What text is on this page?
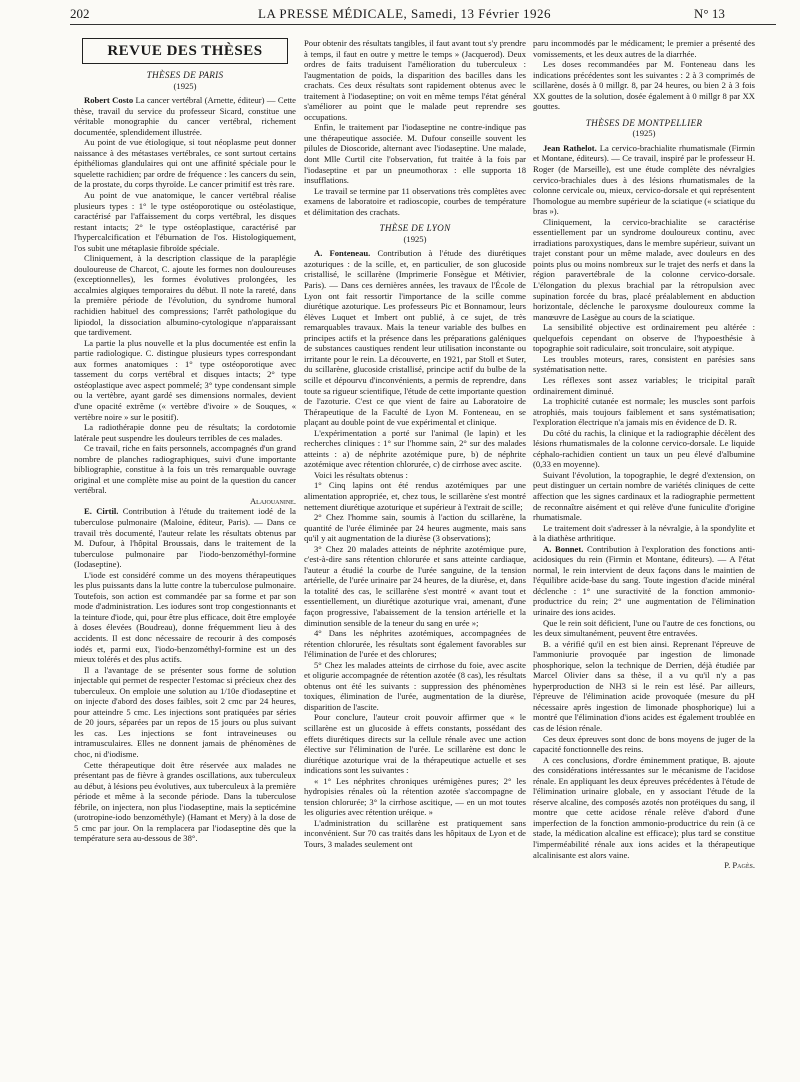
202	LA PRESSE MÉDICALE, Samedi, 13 Février 1926	N° 13
REVUE DES THÈSES
THÈSES DE PARIS
(1925)

Robert Costo La cancer vertébral (Arnette, éditeur) — Cette thèse, travail du service du professeur Sicard, constitue une véritable monographie du cancer vertébral, richement documentée, splendidement illustrée.

Au point de vue étiologique, si tout néoplasme peut donner naissance à des métastases vertébrales, ce sont surtout certains épithéliomas glandulaires qui ont une affinité spéciale pour le squelette rachidien; par ordre de fréquence : les cancers du sein, de la prostate, du corps thyroïde. Le cancer primitif est très rare.

Au point de vue anatomique, le cancer vertébral réalise plusieurs types : 1° le type ostéoporotique ou ostéolastique, caractérisé par l'affaissement du corps vertébral, les disques restant intacts; 2° le type ostéoplastique, caractérisé par l'hypercalcification et l'éburnation de l'os. Histologiquement, l'os subit une métaplasie fibroïde spéciale.

Cliniquement, à la description classique de la paraplégie douloureuse de Charcot, C. ajoute les formes non douloureuses (exceptionnelles), les formes évolutives prolongées, les accalmies algiques temporaires du début. Il note la rareté, dans la première période de l'évolution, du syndrome humoral rachidien habituel des compressions; l'arrêt pathologique du lipiodol, la dissociation albumino-cytologique n'apparaissant que tardivement.

La partie la plus nouvelle et la plus documentée est enfin la partie radiologique. C. distingue plusieurs types correspondant aux formes anatomiques : 1° type ostéoporotique avec tassement du corps vertébral et disques intacts; 2° type ostéoplastique avec aspect pommelé; 3° type condensant simple ou la vertèbre, ayant gardé ses dimensions normales, devient d'une opacité extrême (« vertèbre d'ivoire » de Souques, « vertèbre noire » sur le positif).

La radiothérapie donne peu de résultats; la cordotomie latérale peut suspendre les douleurs terribles de ces malades.

Ce travail, riche en faits personnels, accompagnés d'un grand nombre de planches radiographiques, suivi d'une importante bibliographie, constitue à la fois un très remarquable ouvrage original et une complète mise au point de la question du cancer vertébral.

Alajouanine.

E. Cirtil. Contribution à l'étude du traitement iodé de la tuberculose pulmonaire (Maloine, éditeur, Paris). — Dans ce travail très documenté, l'auteur relate les résultats obtenus par M. Dufour, à l'hôpital Broussais, dans le traitement de la tuberculose pulmonaire par l'iodo-benzométhyl-formine (Iodaseptine).

L'iode est considéré comme un des moyens thérapeutiques les plus puissants dans la lutte contre la tuberculose pulmonaire. Toutefois, son action est commandée par sa forme et par son mode d'administration. Les iodures sont trop congestionnants et la teinture d'iode, qui, pour être plus efficace, doit être employée à doses élevées (Boudreau), donne fréquemment lieu à des accidents. Il est donc nécessaire de recourir à des composés iodés et, parmi eux, l'iodo-benzométhyl-formine est un des mieux tolérés et des plus actifs.

Il a l'avantage de se présenter sous forme de solution injectable qui permet de respecter l'estomac si précieux chez des tuberculeux. On emploie une solution au 1/10e d'iodaseptine et on injecte d'abord des doses faibles, soit 2 cmc par 24 heures, pour atteindre 5 cmc. Les injections sont pratiquées par séries de 20 jours, séparées par un repos de 15 jours ou plus suivant les cas. Les injections se font intraveineuses ou intramusculaires. Elles ne donnent jamais de phénomènes de choc, ni d'iodisme.

Cette thérapeutique doit être réservée aux malades ne présentant pas de fièvre à grandes oscillations, aux tuberculeux au début, à lésions peu évolutives, aux tuberculeux à la première période et même à la seconde période. Dans la tuberculose fébrile, on injectera, non plus l'iodaseptine, mais la septicémine (urotropine-iodo benzométhyle) (Hamant et Mery) à la dose de 5 cmc par jour. On la remplacera par l'iodaseptine dès que la température sera au-dessous de 38°.

Pour obtenir des résultats tangibles, il faut avant tout s'y prendre à temps, il faut en outre y mettre le temps » (Jacquerod). Deux ordres de faits traduisent l'amélioration du tuberculeux : l'augmentation de poids, la disparition des bacilles dans les crachats. Ces deux résultats sont rapidement obtenus avec le traitement à l'iodaseptine; on voit en même temps l'état général s'améliorer au point que le malade peut reprendre ses occupations.

Enfin, le traitement par l'iodaseptine ne contre-indique pas une thérapeutique associée. M. Dufour conseille souvent les pilules de Dioscoride, alternant avec l'iodaseptine. Une malade, dont Mlle Curtil cite l'observation, fut traitée à la fois par l'iodaseptine et par un pneumothorax : elle supporta 18 insufflations.

Le travail se termine par 11 observations très complètes avec examens de laboratoire et radioscopie, courbes de température et délimitation des crachats.

THÈSE DE LYON
(1925)

A. Fonteneau. Contribution à l'étude des diurétiques azoturiques : de la scille, et, en particulier, de son glucoside cristallisé, le scillarène (Imprimerie Fonsègue et Métivier, Paris). — Dans ces dernières années, les travaux de l'École de Lyon ont fait ressortir l'importance de la scille comme diurétique azoturique. Les professeurs Pic et Bonnamour, leurs élèves Luquet et Imbert ont publié, à ce sujet, de très remarquables travaux. Mais la teneur variable des bulbes en principes actifs et la présence dans les préparations galéniques de substances caustiques rendent leur utilisation inconstante ou irritante pour le rein. La découverte, en 1921, par Stoll et Suter, du scillarène, glucoside cristallisé, principe actif du bulbe de la scille et dépourvu d'inconvénients, a permis de reprendre, dans toute sa rigueur scientifique, l'étude de cette importante question de l'azoturie. C'est ce que vient de faire au Laboratoire de Thérapeutique de la Faculté de Lyon M. Fonteneau, en se plaçant au double point de vue expérimental et clinique.

L'expérimentation a porté sur l'animal (le lapin) et les recherches cliniques : 1° sur l'homme sain, 2° sur des malades atteints : a) de néphrite azotémique pure, b) de néphrite azotémique avec rétention chlorurée, c) de cirrhose avec ascite.

Voici les résultats obtenus :

1° Cinq lapins ont été rendus azotémiques par une alimentation appropriée, et, chez tous, le scillarène s'est montré nettement diurétique azoturique et supérieur à l'extrait de scille;

2° Chez l'homme sain, soumis à l'action du scillarène, la quantité de l'urée éliminée par 24 heures augmente, mais sans qu'il y ait augmentation de la diurèse (3 observations);

3° Chez 20 malades atteints de néphrite azotémique pure, c'est-à-dire sans rétention chlorurée et sans atteinte cardiaque, l'auteur a étudié la courbe de l'urée sanguine, de la tension artérielle, de l'urée urinaire par 24 heures, de la diurèse, et, dans la totalité des cas, le scillarène s'est montré « avant tout et essentiellement, un diurétique azoturique vrai, amenant, d'une façon progressive, l'abaissement de la tension artérielle et la diminution sensible de la teneur du sang en urée »;

4° Dans les néphrites azotémiques, accompagnées de rétention chlorurée, les résultats sont également favorables sur l'élimination de l'urée et des chlorures;

5° Chez les malades atteints de cirrhose du foie, avec ascite et oligurie accompagnée de rétention azotée (8 cas), les résultats obtenus ont été les suivants : suppression des phénomènes toxiques, élimination de l'urée, augmentation de la diurèse, disparition de l'ascite.

Pour conclure, l'auteur croit pouvoir affirmer que « le scillarène est un glucoside à effets constants, possédant des effets diurétiques directs sur la cellule rénale avec une action élective sur l'élimination de l'urée. Le scillarène est donc le diurétique azoturique vrai de la thérapeutique actuelle et ses indications sont les suivantes :

« 1° Les néphrites chroniques urémigènes pures; 2° les hydropisies rénales où la rétention azotée s'accompagne de tension chlorurée; 3° la cirrhose ascitique, — en un mot toutes les oliguries avec rétention uréique. »

L'administration du scillarène est pratiquement sans inconvénient. Sur 70 cas traités dans les hôpitaux de Lyon et de Tours, 3 malades seulement ont

paru incommodés par le médicament; le premier a présenté des vomissements, et les deux autres de la diarrhée.

Les doses recommandées par M. Fonteneau dans les indications précédentes sont les suivantes : 2 à 3 comprimés de scillarène, dosés à 0 millgr. 8, par 24 heures, ou bien 2 à 3 fois XX gouttes de la solution, dosée également à 0 millgr 8 par XX gouttes.

THÈSES DE MONTPELLIER
(1925)

Jean Rathelot. La cervico-brachialite rhumatismale (Firmin et Montane, éditeurs). — Ce travail, inspiré par le professeur H. Roger (de Marseille), est une étude complète des névralgies cervico-brachiales dues à des lésions rhumatismales de la colonne cervicale ou, mieux, cervico-dorsale et qui représentent l'homologue au membre supérieur de la sciatique (« sciatique du bras »).

Cliniquement, la cervico-brachialite se caractérise essentiellement par un syndrome douloureux continu, avec irradiations paroxystiques, dans le membre supérieur, suivant un trajet constant pour un même malade, avec douleurs en des points plus ou moins nombreux sur le trajet des nerfs et dans la région paravertébrale de la colonne cervico-dorsale. L'élongation du plexus brachial par la rétropulsion avec supination forcée du bras, placé préalablement en abduction horizontale, déclenche le paroxysme douloureux comme la manœuvre de Lasègue au cours de la sciatique.

La sensibilité objective est ordinairement peu altérée : quelquefois cependant on observe de l'hypoesthésie à topographie soit radiculaire, soit tronculaire, soit atypique.

Les troubles moteurs, rares, consistent en parésies sans systématisation nette.

Les réflexes sont assez variables; le tricipital paraît ordinairement diminué.

La trophicité cutanée est normale; les muscles sont parfois atrophiés, mais toujours faiblement et sans systématisation; l'exploration électrique n'a jamais mis en évidence de D. R.

Du côté du rachis, la clinique et la radiographie décèlent des lésions rhumatismales de la colonne cervico-dorsale. Le liquide céphalo-rachidien contient un taux un peu élevé d'albumine (0,33 en moyenne).

Suivant l'évolution, la topographie, le degré d'extension, on peut distinguer un certain nombre de variétés cliniques de cette affection que les signes cardinaux et la radiographie permettent de reconnaître aisément et qui relève d'une funiculite d'origine rhumatismale.

Le traitement doit s'adresser à la névralgie, à la spondylite et à la diathèse arthritique.

A. Bonnet. Contribution à l'exploration des fonctions anti-acidosiques du rein (Firmin et Montane, éditeurs). — A l'état normal, le rein intervient de deux façons dans le maintien de l'équilibre acide-base du sang. Toute ingestion d'acide minéral déclenche : 1° une suractivité de la fonction ammonio-productrice du rein; 2° une augmentation de l'élimination urinaire des ions acides.

Que le rein soit déficient, l'une ou l'autre de ces fonctions, ou les deux simultanément, peuvent être entravées.

B. a vérifié qu'il en est bien ainsi. Reprenant l'épreuve de l'ammoniurie provoquée par ingestion de limonade phosphorique, selon la technique de Derrien, déjà étudiée par Marcel Olivier dans sa thèse, il a vu qu'il n'y a pas hyperproduction de NH3 si le rein est lésé. Par ailleurs, l'épreuve de l'élimination acide provoquée (mesure du pH nécessaire après ingestion de limonade phosphorique) lui a montré que l'élimination d'ions acides est également troublée en cas de lésion rénale.

Ces deux épreuves sont donc de bons moyens de juger de la capacité fonctionnelle des reins.

A ces conclusions, d'ordre éminemment pratique, B. ajoute des considérations intéressantes sur le mécanisme de l'acidose rénale. En appliquant les deux épreuves précédentes à l'étude de l'élimination urinaire globale, en y associant l'étude de la réserve alcaline, des composés azotés non protéiques du sang, il montre que cette acidose rénale relève d'abord d'une imperfection de la fonction ammonio-productrice du rein (à ce stade, la médication alcaline est efficace); plus tard se constitue l'imperméabilité rénale aux ions acides et la thérapeutique alcalinisante est alors vaine.

P. Pagès.
